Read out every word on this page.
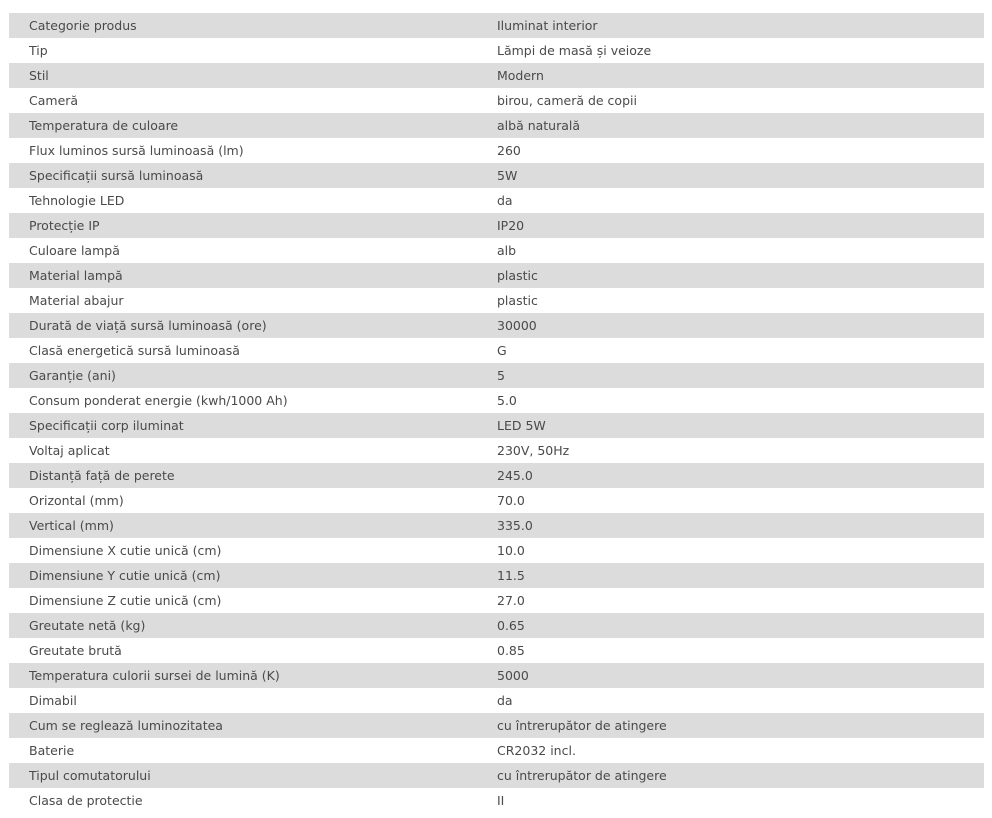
Categorie produs	Iluminat interior
Tip	Lămpi de masă și veioze
Stil	Modern
Cameră	birou, cameră de copii
Temperatura de culoare	albă naturală
Flux luminos sursă luminoasă (lm)	260
Specificații sursă luminoasă	5W
Tehnologie LED	da
Protecție IP	IP20
Culoare lampă	alb
Material lampă	plastic
Material abajur	plastic
Durată de viață sursă luminoasă (ore)	30000
Clasă energetică sursă luminoasă	G
Garanție (ani)	5
Consum ponderat energie (kwh/1000 Ah)	5.0
Specificații corp iluminat	LED 5W
Voltaj aplicat	230V, 50Hz
Distanță față de perete	245.0
Orizontal (mm)	70.0
Vertical (mm)	335.0
Dimensiune X cutie unică (cm)	10.0
Dimensiune Y cutie unică (cm)	11.5
Dimensiune Z cutie unică (cm)	27.0
Greutate netă (kg)	0.65
Greutate brută	0.85
Temperatura culorii sursei de lumină (K)	5000
Dimabil	da
Cum se reglează luminozitatea	cu întrerupător de atingere
Baterie	CR2032 incl.
Tipul comutatorului	cu întrerupător de atingere
Clasa de protectie	II
